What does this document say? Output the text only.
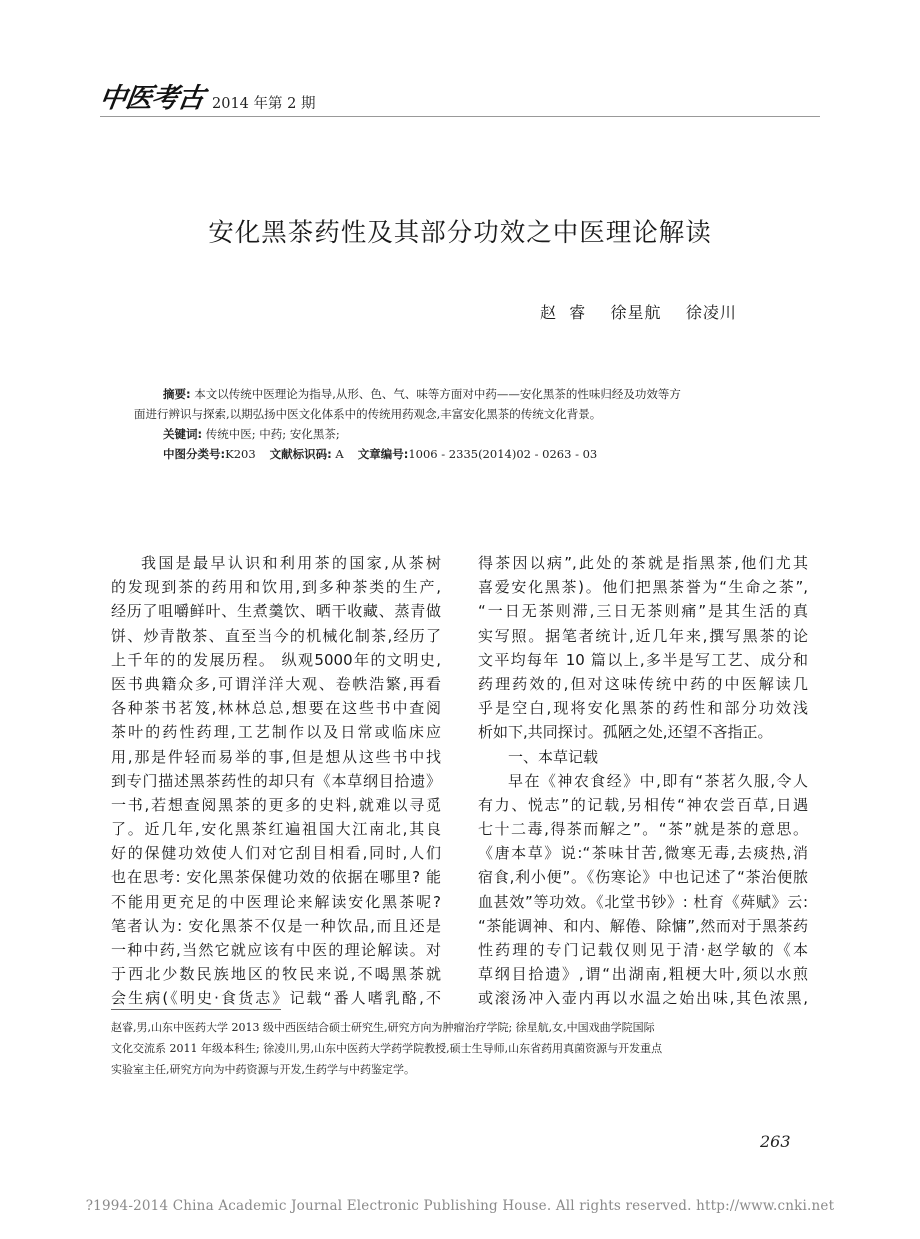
中医考古 2014 年第 2 期
安化黑茶药性及其部分功效之中医理论解读
赵  睿    徐星航    徐凌川
摘要: 本文以传统中医理论为指导,从形、色、气、味等方面对中药——安化黑茶的性味归经及功效等方
面进行辨识与探索,以期弘扬中医文化体系中的传统用药观念,丰富安化黑茶的传统文化背景。
关键词: 传统中医; 中药; 安化黑茶;
中图分类号:K203 文献标识码: A 文章编号:1006 - 2335(2014)02 - 0263 - 03
我国是最早认识和利用茶的国家,从茶树
的发现到茶的药用和饮用,到多种茶类的生产,
经历了咀嚼鲜叶、生煮羹饮、晒干收藏、蒸青做
饼、炒青散茶、直至当今的机械化制茶,经历了
上千年的的发展历程。 纵观5000年的文明史,
医书典籍众多,可谓洋洋大观、卷帙浩繁,再看
各种茶书茗笈,林林总总,想要在这些书中查阅
茶叶的药性药理,工艺制作以及日常或临床应
用,那是件轻而易举的事,但是想从这些书中找
到专门描述黑茶药性的却只有《本草纲目拾遗》
一书,若想查阅黑茶的更多的史料,就难以寻觅
了。近几年,安化黑茶红遍祖国大江南北,其良
好的保健功效使人们对它刮目相看,同时,人们
也在思考: 安化黑茶保健功效的依据在哪里? 能
不能用更充足的中医理论来解读安化黑茶呢?
笔者认为: 安化黑茶不仅是一种饮品,而且还是
一种中药,当然它就应该有中医的理论解读。对
于西北少数民族地区的牧民来说,不喝黑茶就
会生病(《明史·食货志》记载“番人嗜乳酪,不
得茶因以病”,此处的茶就是指黑茶,他们尤其
喜爱安化黑茶)。他们把黑茶誉为“生命之茶”,
“一日无茶则滞,三日无茶则痛”是其生活的真
实写照。据笔者统计,近几年来,撰写黑茶的论
文平均每年 10 篇以上,多半是写工艺、成分和
药理药效的,但对这味传统中药的中医解读几
乎是空白,现将安化黑茶的药性和部分功效浅
析如下,共同探讨。孤陋之处,还望不吝指正。
一、本草记载
早在《神农食经》中,即有“茶茗久服,令人
有力、悦志”的记载,另相传“神农尝百草,日遇
七十二毒,得茶而解之”。“茶”就是茶的意思。
《唐本草》说:“茶味甘苦,微寒无毒,去痰热,消
宿食,利小便”。《伤寒论》中也记述了“茶治便脓
血甚效”等功效。《北堂书钞》: 杜育《荈赋》云:
“茶能调神、和内、解倦、除慵”,然而对于黑茶药
性药理的专门记载仅则见于清·赵学敏的《本
草纲目拾遗》,谓“出湖南,粗梗大叶,须以水煎
或滚汤冲入壶内再以水温之始出味,其色浓黑,
赵睿,男,山东中医药大学 2013 级中西医结合硕士研究生,研究方向为肿瘤治疗学院; 徐星航,女,中国戏曲学院国际
文化交流系 2011 年级本科生; 徐凌川,男,山东中医药大学药学院教授,硕士生导师,山东省药用真菌资源与开发重点
实验室主任,研究方向为中药资源与开发,生药学与中药鉴定学。
263
?1994-2014 China Academic Journal Electronic Publishing House. All rights reserved. http://www.cnki.net
